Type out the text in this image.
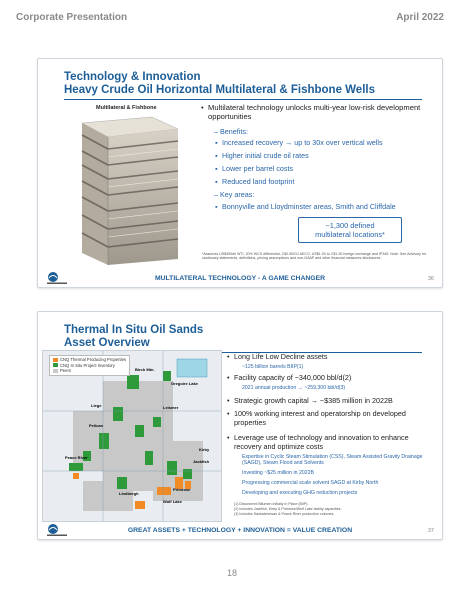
Corporate Presentation	April 2022
Technology & Innovation
Heavy Crude Oil Horizontal Multilateral & Fishbone Wells
Multilateral & Fishbone
•	Multilateral technology unlocks multi-year low-risk development opportunities
– Benefits:
▪ Increased recovery → up to 30x over vertical wells
▪ Higher initial crude oil rates
▪ Lower per barrel costs
▪ Reduced land footprint
– Key areas:
▪ Bonnyville and Lloydminster areas, Smith and Cliffdale
~1,300 defined
multilateral locations*
*Assumes US$45/bbl WTI, 20% WCS differential, C$2.50/GJ AECO, US$1.00 to C$1.30 foreign exchange and IP345. Note: See Advisory for cautionary statements, definitions, pricing assumptions and non-GAAP and other financial measures disclosures.
MULTILATERAL TECHNOLOGY - A GAME CHANGER	36
Thermal In Situ Oil Sands
Asset Overview
CNQ Thermal Producing Properties
CNQ In Situ Project Inventory
Peers	Birch Mtn.
Gregoire Lake
Leismer
Kirby
Jackfish
Wolf Lake
Primrose
Lindbergh
Peace River
Pelican
Liege
• Long Life Low Decline assets
~125 billion barrels BIIP(1)
• Facility capacity of ~340,000 bbl/d(2)
2021 annual production → ~259,300 bbl/d(3)
• Strategic growth capital → ~$385 million in 2022B
• 100% working interest and operatorship on developed properties
• Leverage use of technology and innovation to enhance recovery and optimize costs
Expertise in Cyclic Steam Stimulation (CSS), Steam Assisted Gravity Drainage (SAGD), Steam Flood and Solvents
Investing ~$25 million in 2022B
Progressing commercial scale solvent SAGD at Kirby North
Developing and executing GHG reduction projects
(1) Discovered Bitumen Initially in Place (BIIP).
(2) Includes Jackfish, Kirby & Primrose/Wolf Lake facility capacities.
(3) Includes Saskatchewan & Peace River production volumes.
GREAT ASSETS + TECHNOLOGY + INNOVATION = VALUE CREATION	37
18
